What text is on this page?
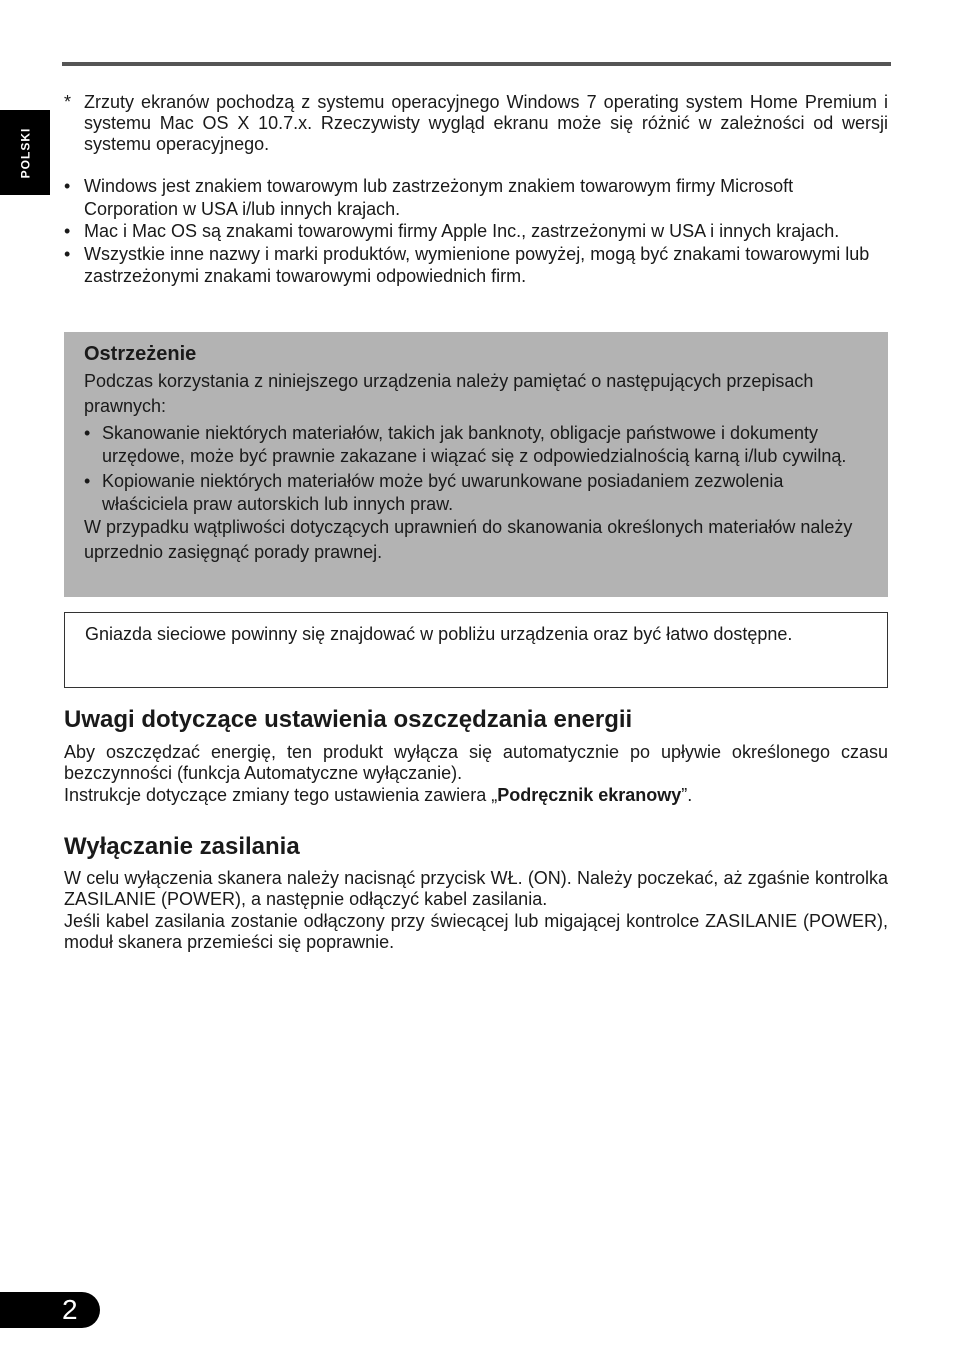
POLSKI
* Zrzuty ekranów pochodzą z systemu operacyjnego Windows 7 operating system Home Premium i systemu Mac OS X 10.7.x. Rzeczywisty wygląd ekranu może się różnić w zależności od wersji systemu operacyjnego.
• Windows jest znakiem towarowym lub zastrzeżonym znakiem towarowym firmy Microsoft Corporation w USA i/lub innych krajach.
• Mac i Mac OS są znakami towarowymi firmy Apple Inc., zastrzeżonymi w USA i innych krajach.
• Wszystkie inne nazwy i marki produktów, wymienione powyżej, mogą być znakami towarowymi lub zastrzeżonymi znakami towarowymi odpowiednich firm.
Ostrzeżenie

Podczas korzystania z niniejszego urządzenia należy pamiętać o następujących przepisach prawnych:

• Skanowanie niektórych materiałów, takich jak banknoty, obligacje państwowe i dokumenty urzędowe, może być prawnie zakazane i wiązać się z odpowiedzialnością karną i/lub cywilną.
• Kopiowanie niektórych materiałów może być uwarunkowane posiadaniem zezwolenia właściciela praw autorskich lub innych praw.

W przypadku wątpliwości dotyczących uprawnień do skanowania określonych materiałów należy uprzednio zasięgnąć porady prawnej.

Gniazda sieciowe powinny się znajdować w pobliżu urządzenia oraz być łatwo dostępne.
Uwagi dotyczące ustawienia oszczędzania energii
Aby oszczędzać energię, ten produkt wyłącza się automatycznie po upływie określonego czasu bezczynności (funkcja Automatyczne wyłączanie).
Instrukcje dotyczące zmiany tego ustawienia zawiera „Podręcznik ekranowy”.
Wyłączanie zasilania
W celu wyłączenia skanera należy nacisnąć przycisk WŁ. (ON). Należy poczekać, aż zgaśnie kontrolka ZASILANIE (POWER), a następnie odłączyć kabel zasilania.
Jeśli kabel zasilania zostanie odłączony przy świecącej lub migającej kontrolce ZASILANIE (POWER), moduł skanera przemieści się poprawnie.
2
